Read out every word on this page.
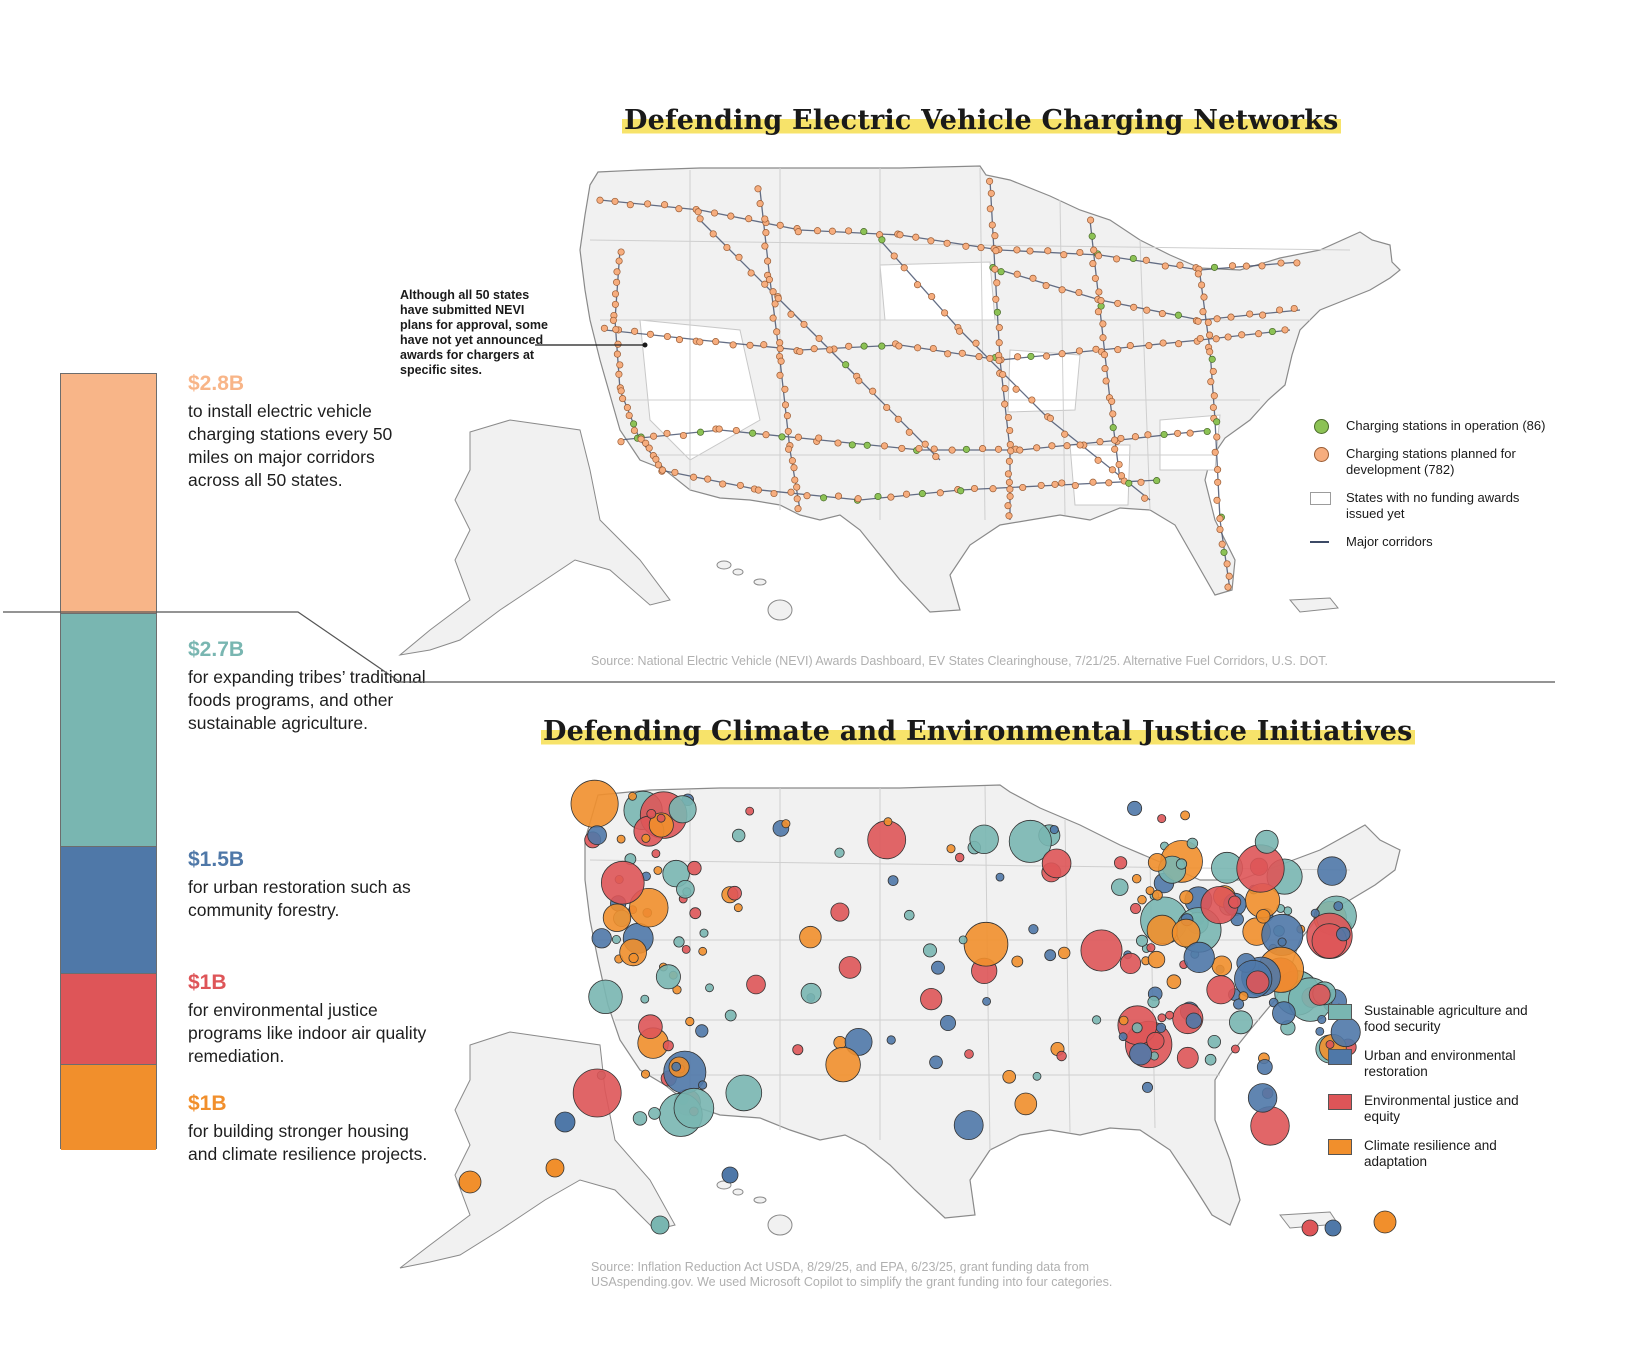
$2.8B
to install electric vehicle charging stations every 50 miles on major corridors across all 50 states.
$2.7B
for expanding tribes’ traditional foods programs, and other sustainable agriculture.
$1.5B
for urban restoration such as community forestry.
$1B
for environmental justice programs like indoor air quality remediation.
$1B
for building stronger housing and climate resilience projects.
Defending Electric Vehicle Charging Networks
Although all 50 states have submitted NEVI plans for approval, some have not yet announced awards for chargers at specific sites.
Charging stations in operation (86)
Charging stations planned for development (782)
States with no funding awards issued yet
Major corridors
Source: National Electric Vehicle (NEVI) Awards Dashboard, EV States Clearinghouse, 7/21/25. Alternative Fuel Corridors, U.S. DOT.
Defending Climate and Environmental Justice Initiatives
Sustainable agriculture and food security
Urban and environmental restoration
Environmental justice and equity
Climate resilience and adaptation
Source: Inflation Reduction Act USDA, 8/29/25, and EPA, 6/23/25, grant funding data from
USAspending.gov. We used Microsoft Copilot to simplify the grant funding into four categories.
